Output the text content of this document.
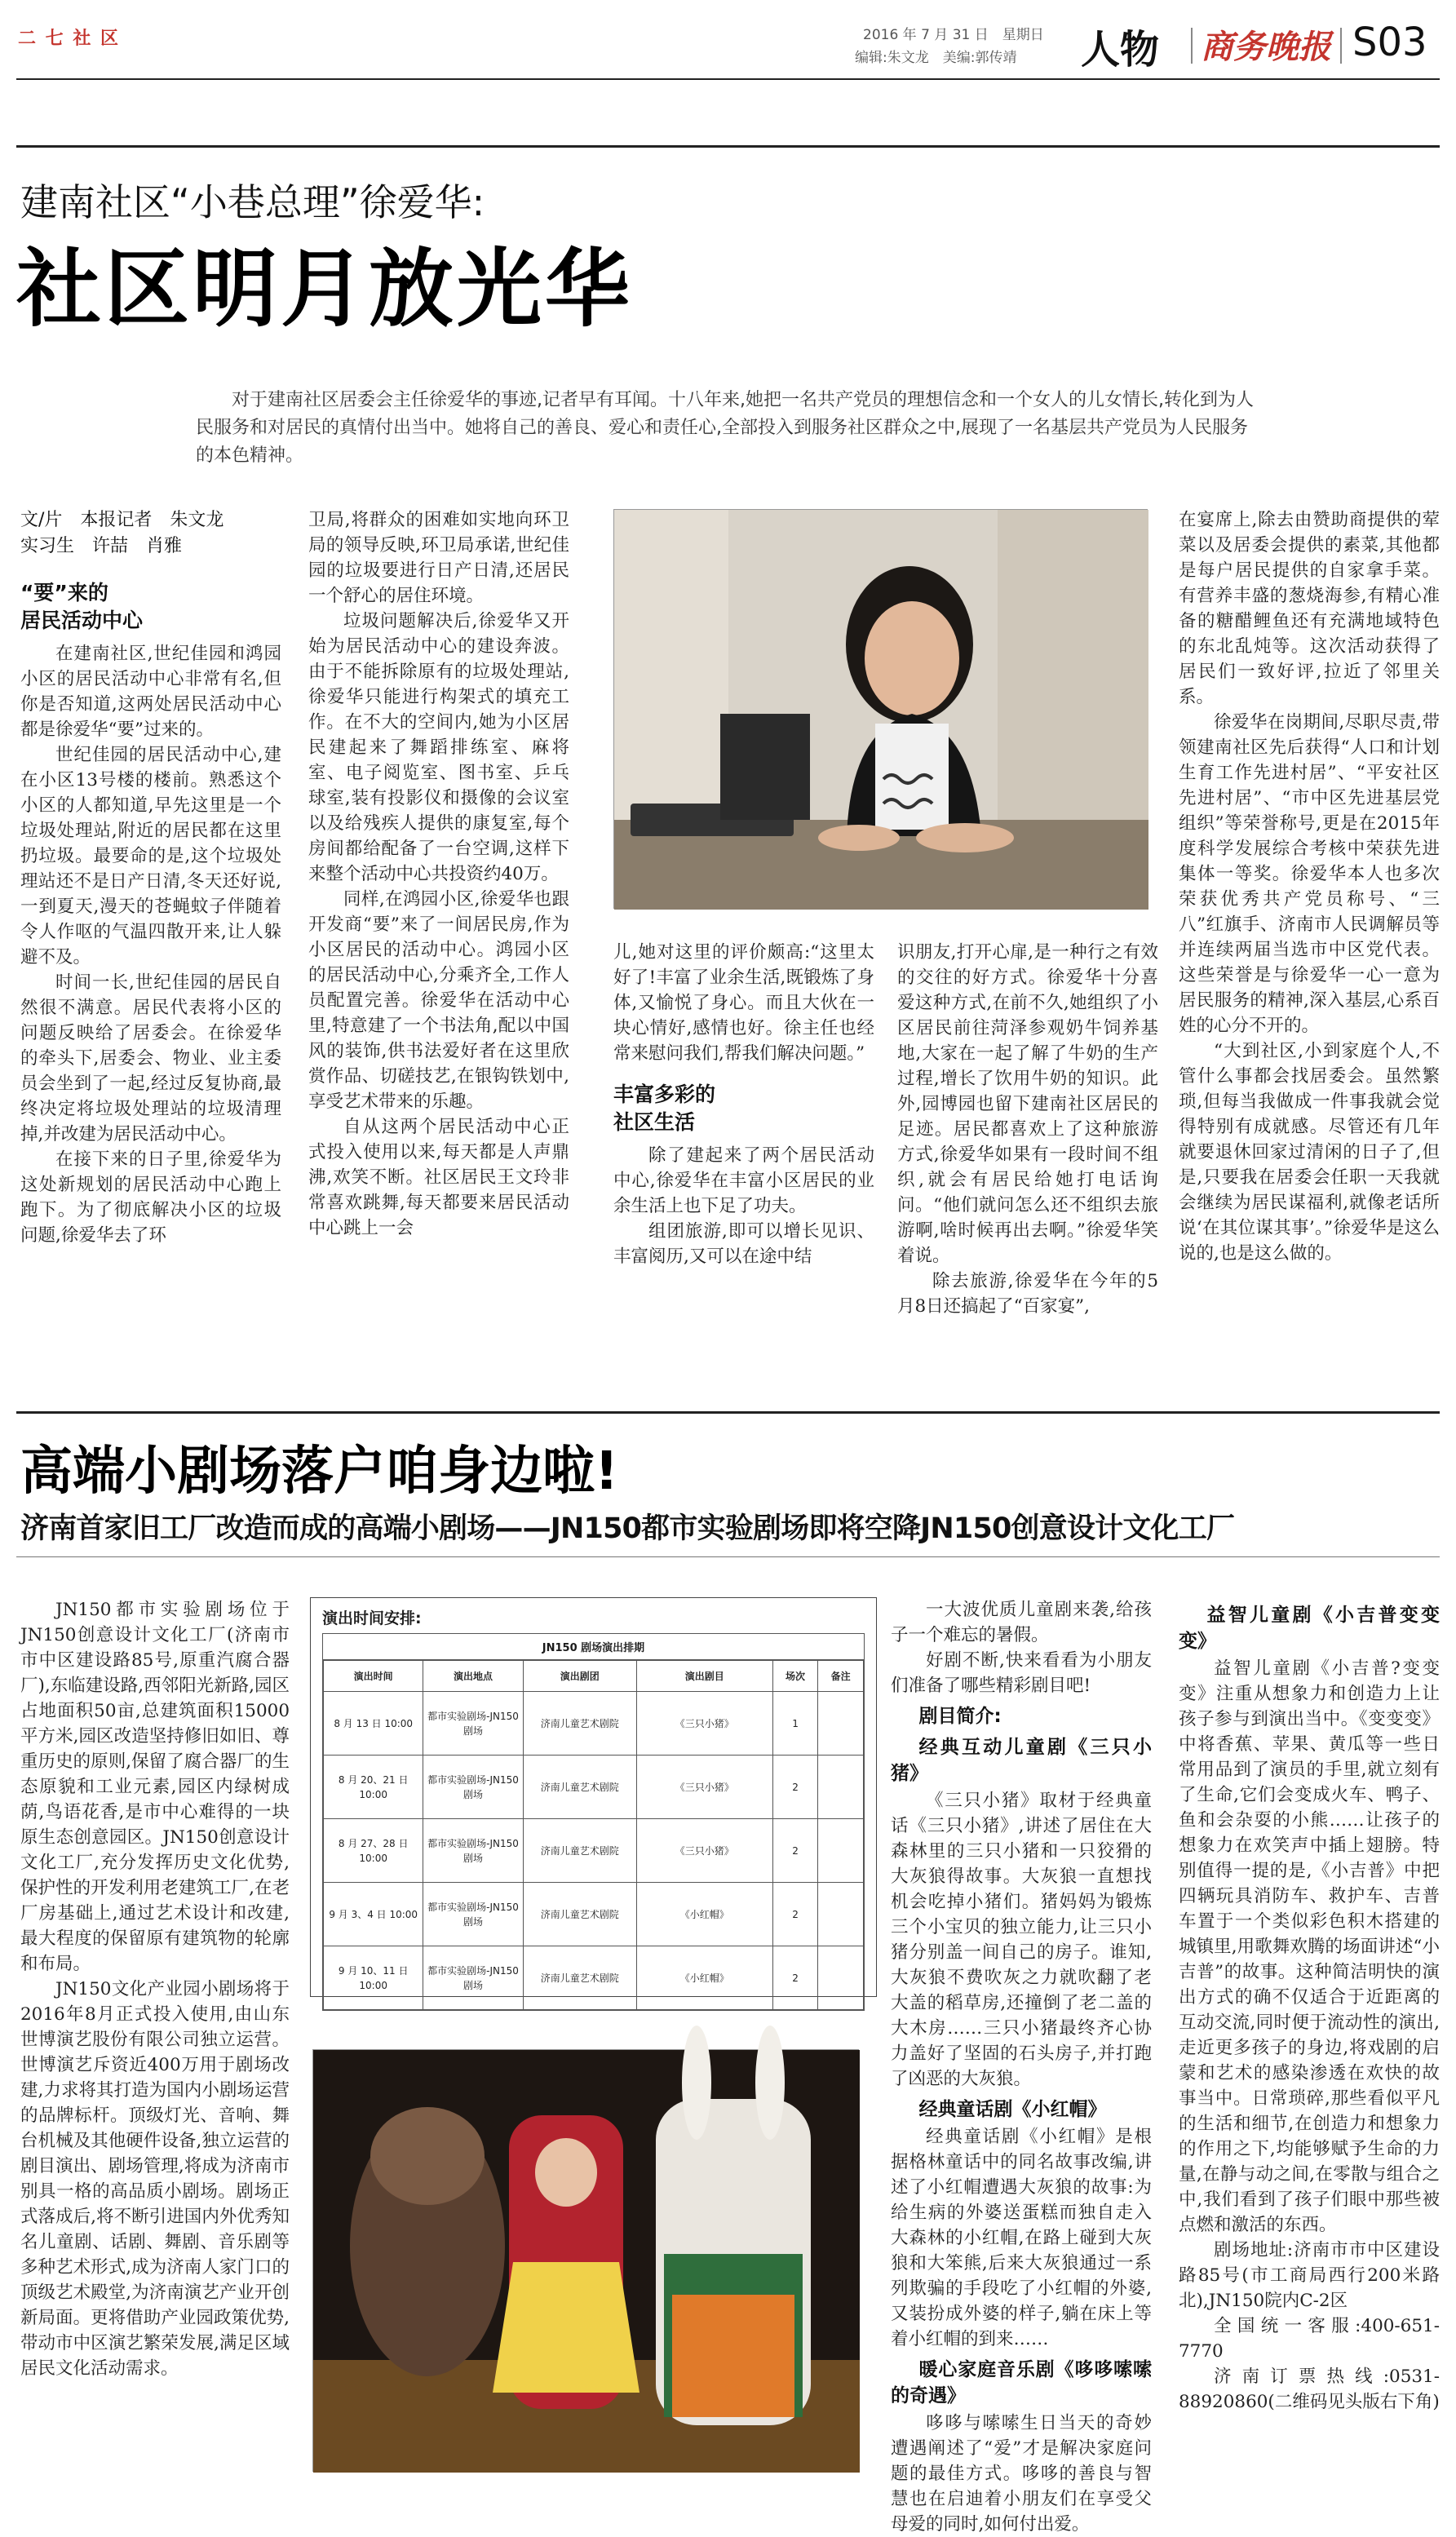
二 七 社 区	2016 年 7 月 31 日　星期日
编辑:朱文龙　美编:郭传靖 人物 商务晚报 S03
建南社区“小巷总理”徐爱华:
社区明月放光华
对于建南社区居委会主任徐爱华的事迹,记者早有耳闻。十八年来,她把一名共产党员的理想信念和一个女人的儿女情长,转化到为人民服务和对居民的真情付出当中。她将自己的善良、爱心和责任心,全部投入到服务社区群众之中,展现了一名基层共产党员为人民服务的本色精神。
文/片　本报记者　朱文龙
实习生　许喆　肖雅
“要”来的
居民活动中心

在建南社区,世纪佳园和鸿园小区的居民活动中心非常有名,但你是否知道,这两处居民活动中心都是徐爱华“要”过来的。

世纪佳园的居民活动中心,建在小区13号楼的楼前。熟悉这个小区的人都知道,早先这里是一个垃圾处理站,附近的居民都在这里扔垃圾。最要命的是,这个垃圾处理站还不是日产日清,冬天还好说,一到夏天,漫天的苍蝇蚊子伴随着令人作呕的气温四散开来,让人躲避不及。

时间一长,世纪佳园的居民自然很不满意。居民代表将小区的问题反映给了居委会。在徐爱华的牵头下,居委会、物业、业主委员会坐到了一起,经过反复协商,最终决定将垃圾处理站的垃圾清理掉,并改建为居民活动中心。

在接下来的日子里,徐爱华为这处新规划的居民活动中心跑上跑下。为了彻底解决小区的垃圾问题,徐爱华去了环

卫局,将群众的困难如实地向环卫局的领导反映,环卫局承诺,世纪佳园的垃圾要进行日产日清,还居民一个舒心的居住环境。

垃圾问题解决后,徐爱华又开始为居民活动中心的建设奔波。由于不能拆除原有的垃圾处理站,徐爱华只能进行构架式的填充工作。在不大的空间内,她为小区居民建起来了舞蹈排练室、麻将室、电子阅览室、图书室、乒乓球室,装有投影仪和摄像的会议室以及给残疾人提供的康复室,每个房间都给配备了一台空调,这样下来整个活动中心共投资约40万。

同样,在鸿园小区,徐爱华也跟开发商“要”来了一间居民房,作为小区居民的活动中心。鸿园小区的居民活动中心,分乘齐全,工作人员配置完善。徐爱华在活动中心里,特意建了一个书法角,配以中国风的装饰,供书法爱好者在这里欣赏作品、切磋技艺,在银钩铁划中,享受艺术带来的乐趣。

自从这两个居民活动中心正式投入使用以来,每天都是人声鼎沸,欢笑不断。社区居民王文玲非常喜欢跳舞,每天都要来居民活动中心跳上一会

儿,她对这里的评价颇高:“这里太好了!丰富了业余生活,既锻炼了身体,又愉悦了身心。而且大伙在一块心情好,感情也好。徐主任也经常来慰问我们,帮我们解决问题。”

丰富多彩的
社区生活

除了建起来了两个居民活动中心,徐爱华在丰富小区居民的业余生活上也下足了功夫。

组团旅游,即可以增长见识、丰富阅历,又可以在途中结

识朋友,打开心扉,是一种行之有效的交往的好方式。徐爱华十分喜爱这种方式,在前不久,她组织了小区居民前往菏泽参观奶牛饲养基地,大家在一起了解了牛奶的生产过程,增长了饮用牛奶的知识。此外,园博园也留下建南社区居民的足迹。居民都喜欢上了这种旅游方式,徐爱华如果有一段时间不组织,就会有居民给她打电话询问。“他们就问怎么还不组织去旅游啊,啥时候再出去啊。”徐爱华笑着说。

除去旅游,徐爱华在今年的5月8日还搞起了“百家宴”,

在宴席上,除去由赞助商提供的荤菜以及居委会提供的素菜,其他都是每户居民提供的自家拿手菜。有营养丰盛的葱烧海参,有精心准备的糖醋鲤鱼还有充满地域特色的东北乱炖等。这次活动获得了居民们一致好评,拉近了邻里关系。

徐爱华在岗期间,尽职尽责,带领建南社区先后获得“人口和计划生育工作先进村居”、“平安社区先进村居”、“市中区先进基层党组织”等荣誉称号,更是在2015年度科学发展综合考核中荣获先进集体一等奖。徐爱华本人也多次荣获优秀共产党员称号、“三八”红旗手、济南市人民调解员等并连续两届当选市中区党代表。这些荣誉是与徐爱华一心一意为居民服务的精神,深入基层,心系百姓的心分不开的。

“大到社区,小到家庭个人,不管什么事都会找居委会。虽然繁琐,但每当我做成一件事我就会觉得特别有成就感。尽管还有几年就要退休回家过清闲的日子了,但是,只要我在居委会任职一天我就会继续为居民谋福利,就像老话所说‘在其位谋其事’。”徐爱华是这么说的,也是这么做的。

高端小剧场落户咱身边啦!
济南首家旧工厂改造而成的高端小剧场——JN150都市实验剧场即将空降JN150创意设计文化工厂

JN150都市实验剧场位于JN150创意设计文化工厂(济南市市中区建设路85号,原重汽腐合器厂),东临建设路,西邻阳光新路,园区占地面积50亩,总建筑面积15000平方米,园区改造坚持修旧如旧、尊重历史的原则,保留了腐合器厂的生态原貌和工业元素,园区内绿树成荫,鸟语花香,是市中心难得的一块原生态创意园区。JN150创意设计文化工厂,充分发挥历史文化优势,保护性的开发利用老建筑工厂,在老厂房基础上,通过艺术设计和改建,最大程度的保留原有建筑物的轮廓和布局。

JN150文化产业园小剧场将于2016年8月正式投入使用,由山东世博演艺股份有限公司独立运营。世博演艺斥资近400万用于剧场改建,力求将其打造为国内小剧场运营的品牌标杆。顶级灯光、音响、舞台机械及其他硬件设备,独立运营的剧目演出、剧场管理,将成为济南市别具一格的高品质小剧场。剧场正式落成后,将不断引进国内外优秀知名儿童剧、话剧、舞剧、音乐剧等多种艺术形式,成为济南人家门口的顶级艺术殿堂,为济南演艺产业开创新局面。更将借助产业园政策优势,带动市中区演艺繁荣发展,满足区域居民文化活动需求。

演出时间安排:
JN150 剧场演出排期
演出时间	演出地点	演出剧团	演出剧目	场次	备注
8 月 13 日 10:00	都市实验剧场-JN150 剧场	济南儿童艺术剧院	《三只小猪》	1	
8 月 20、21 日 10:00	都市实验剧场-JN150 剧场	济南儿童艺术剧院	《三只小猪》	2	
8 月 27、28 日 10:00	都市实验剧场-JN150 剧场	济南儿童艺术剧院	《三只小猪》	2	
9 月 3、4 日 10:00	都市实验剧场-JN150 剧场	济南儿童艺术剧院	《小红帽》	2	
9 月 10、11 日 10:00	都市实验剧场-JN150 剧场	济南儿童艺术剧院	《小红帽》	2	

一大波优质儿童剧来袭,给孩子一个难忘的暑假。

好剧不断,快来看看为小朋友们准备了哪些精彩剧目吧!

剧目简介:
经典互动儿童剧《三只小猪》

《三只小猪》取材于经典童话《三只小猪》,讲述了居住在大森林里的三只小猪和一只狡猾的大灰狼得故事。大灰狼一直想找机会吃掉小猪们。猪妈妈为锻炼三个小宝贝的独立能力,让三只小猪分别盖一间自己的房子。谁知,大灰狼不费吹灰之力就吹翻了老大盖的稻草房,还撞倒了老二盖的大木房……三只小猪最终齐心协力盖好了坚固的石头房子,并打跑了凶恶的大灰狼。

经典童话剧《小红帽》

经典童话剧《小红帽》是根据格林童话中的同名故事改编,讲述了小红帽遭遇大灰狼的故事:为给生病的外婆送蛋糕而独自走入大森林的小红帽,在路上碰到大灰狼和大笨熊,后来大灰狼通过一系列欺骗的手段吃了小红帽的外婆,又装扮成外婆的样子,躺在床上等着小红帽的到来……

暖心家庭音乐剧《哆哆嗦嗦的奇遇》

哆哆与嗦嗦生日当天的奇妙遭遇阐述了“爱”才是解决家庭问题的最佳方式。哆哆的善良与智慧也在启迪着小朋友们在享受父母爱的同时,如何付出爱。

益智儿童剧《小吉普变变变》

益智儿童剧《小吉普?变变变》注重从想象力和创造力上让孩子参与到演出当中。《变变变》中将香蕉、苹果、黄瓜等一些日常用品到了演员的手里,就立刻有了生命,它们会变成火车、鸭子、鱼和会杂耍的小熊……让孩子的想象力在欢笑声中插上翅膀。特别值得一提的是,《小吉普》中把四辆玩具消防车、救护车、吉普车置于一个类似彩色积木搭建的城镇里,用歌舞欢腾的场面讲述“小吉普”的故事。这种简洁明快的演出方式的确不仅适合于近距离的互动交流,同时便于流动性的演出,走近更多孩子的身边,将戏剧的启蒙和艺术的感染渗透在欢快的故事当中。日常琐碎,那些看似平凡的生活和细节,在创造力和想象力的作用之下,均能够赋予生命的力量,在静与动之间,在零散与组合之中,我们看到了孩子们眼中那些被点燃和激活的东西。

剧场地址:济南市市中区建设路85号(市工商局西行200米路北),JN150院内C-2区

全国统一客服:400-651-7770

济南订票热线:0531-88920860(二维码见头版右下角)
